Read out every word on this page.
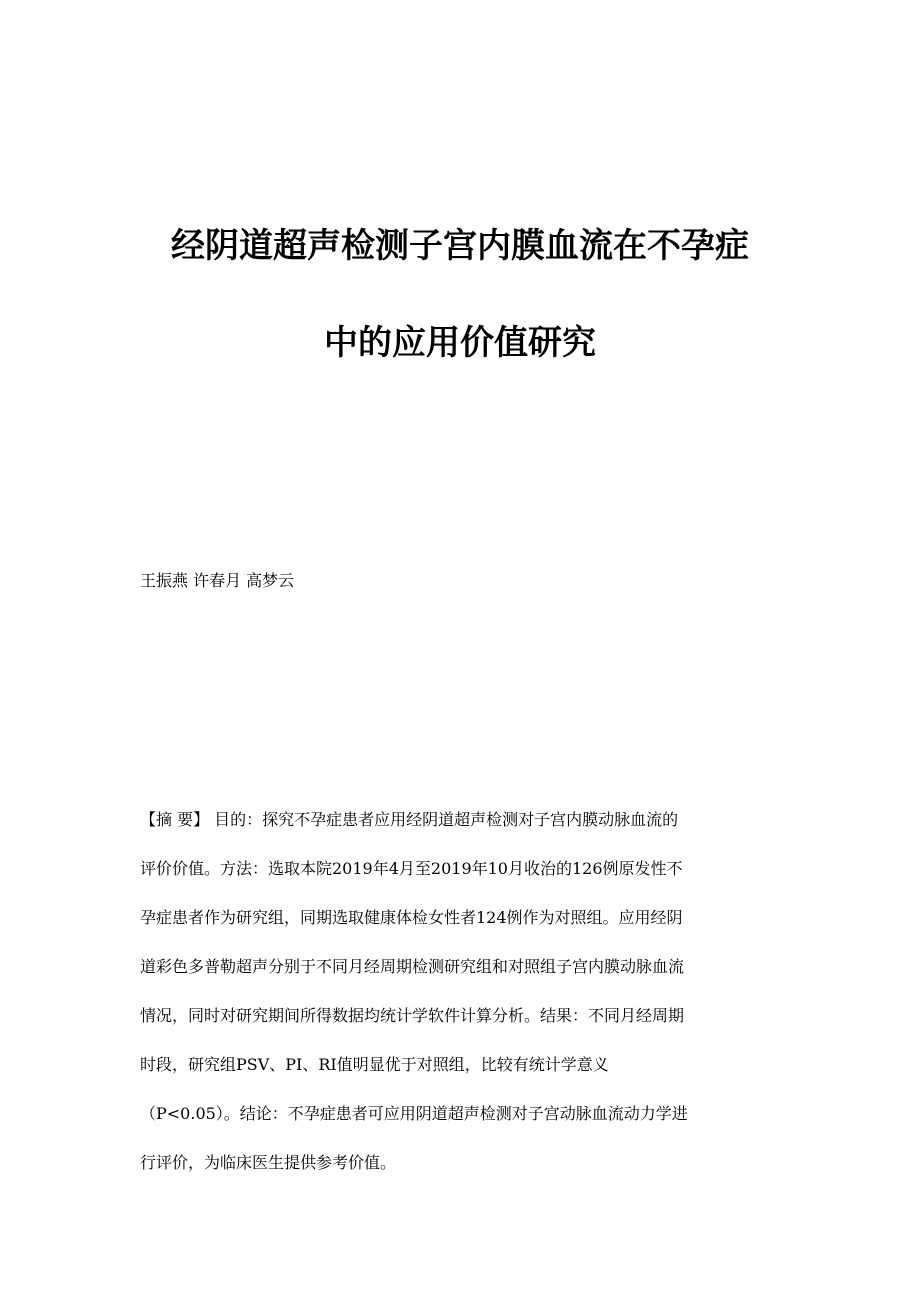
经阴道超声检测子宫内膜血流在不孕症
中的应用价值研究
王振燕 许春月 高梦云
【摘 要】 目的：探究不孕症患者应用经阴道超声检测对子宫内膜动脉血流的
评价价值。方法：选取本院2019年4月至2019年10月收治的126例原发性不
孕症患者作为研究组，同期选取健康体检女性者124例作为对照组。应用经阴
道彩色多普勒超声分别于不同月经周期检测研究组和对照组子宫内膜动脉血流
情况，同时对研究期间所得数据均统计学软件计算分析。结果：不同月经周期
时段，研究组PSV、PI、RI值明显优于对照组，比较有统计学意义
（P<0.05）。结论：不孕症患者可应用阴道超声检测对子宫动脉血流动力学进
行评价，为临床医生提供参考价值。
